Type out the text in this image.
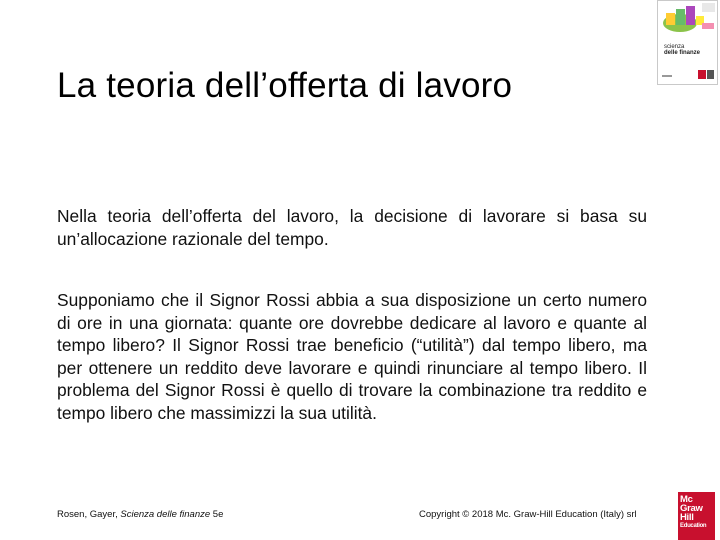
La teoria dell’offerta di lavoro
scienza
delle finanze
Nella teoria dell’offerta del lavoro, la decisione di lavorare si basa su un’allocazione razionale del tempo.
Supponiamo che il Signor Rossi abbia a sua disposizione un certo numero di ore in una giornata: quante ore dovrebbe dedicare al lavoro e quante al tempo libero? Il Signor Rossi trae beneficio (“utilità”) dal tempo libero, ma per ottenere un reddito deve lavorare e quindi rinunciare al tempo libero. Il problema del Signor Rossi è quello di trovare la combinazione tra reddito e tempo libero che massimizzi la sua utilità.
Rosen, Gayer, Scienza delle finanze 5e	Copyright © 2018 Mc. Graw-Hill Education (Italy) srl
Mc
Graw
Hill
Education
